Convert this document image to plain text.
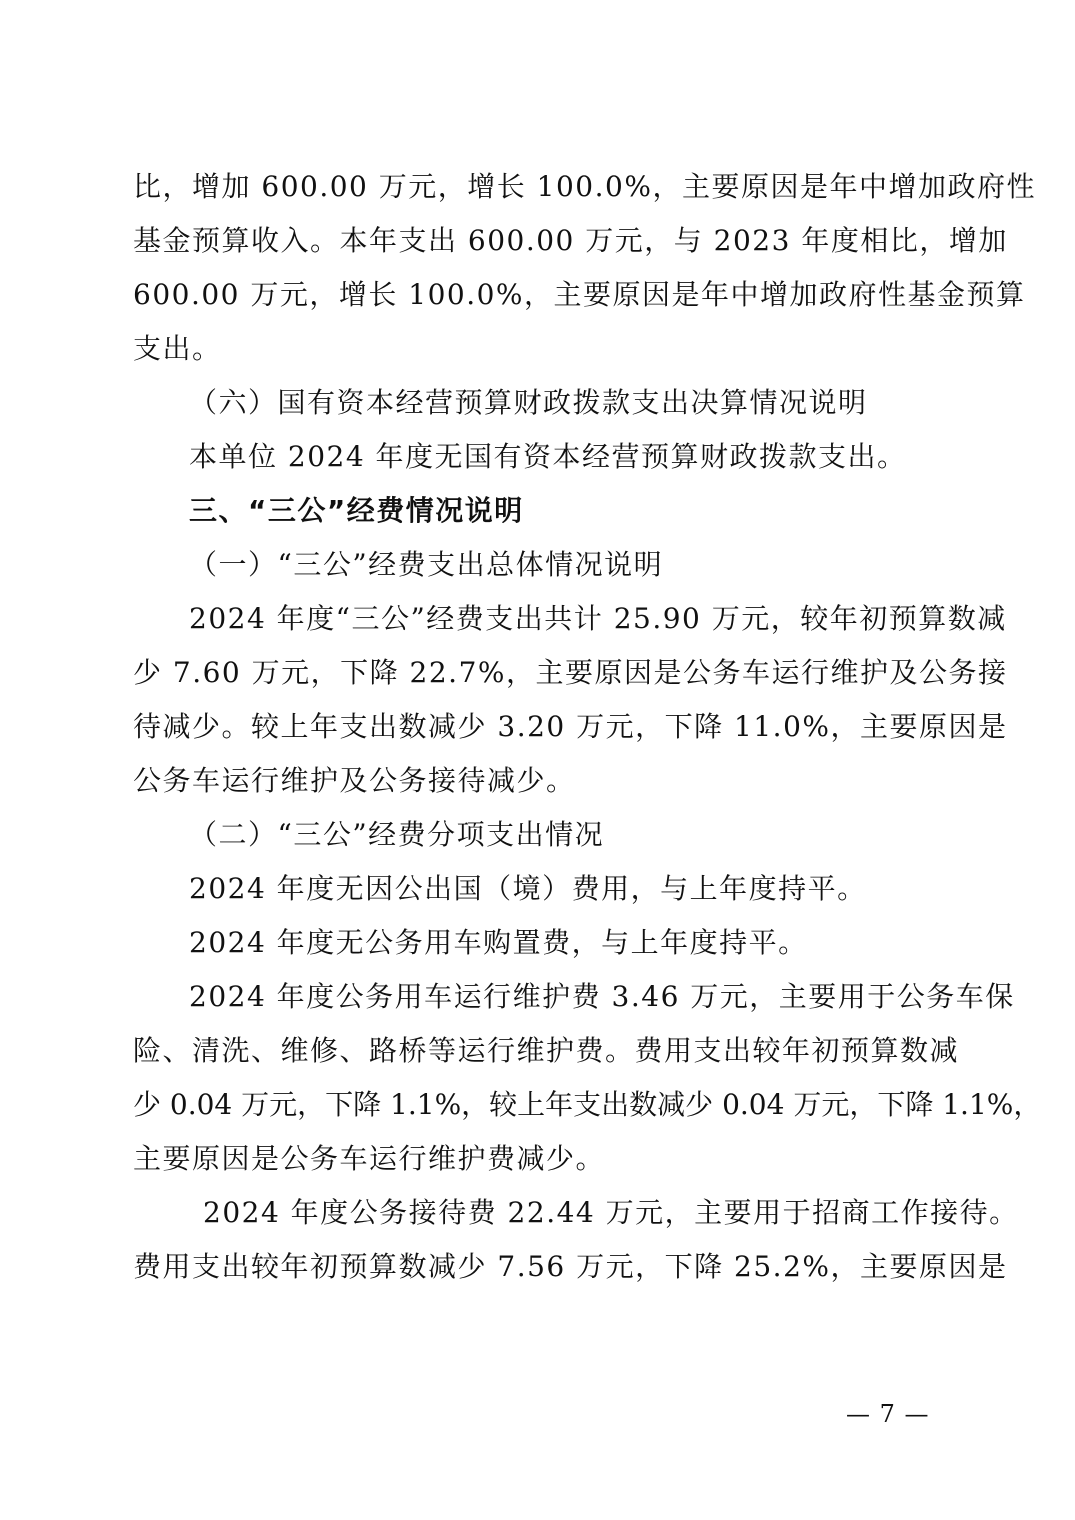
比，增加 600.00 万元，增长 100.0%，主要原因是年中增加政府性
基金预算收入。本年支出 600.00 万元，与 2023 年度相比，增加
600.00 万元，增长 100.0%，主要原因是年中增加政府性基金预算
支出。
（六）国有资本经营预算财政拨款支出决算情况说明
本单位 2024 年度无国有资本经营预算财政拨款支出。
三、“三公”经费情况说明
（一）“三公”经费支出总体情况说明
2024 年度“三公”经费支出共计 25.90 万元，较年初预算数减
少 7.60 万元，下降 22.7%，主要原因是公务车运行维护及公务接
待减少。较上年支出数减少 3.20 万元，下降 11.0%，主要原因是
公务车运行维护及公务接待减少。
（二）“三公”经费分项支出情况
2024 年度无因公出国（境）费用，与上年度持平。
2024 年度无公务用车购置费，与上年度持平。
2024 年度公务用车运行维护费 3.46 万元，主要用于公务车保
险、清洗、维修、路桥等运行维护费。费用支出较年初预算数减
少 0.04 万元，下降 1.1%，较上年支出数减少 0.04 万元，下降 1.1%，
主要原因是公务车运行维护费减少。
2024 年度公务接待费 22.44 万元，主要用于招商工作接待。
费用支出较年初预算数减少 7.56 万元，下降 25.2%，主要原因是
— 7 —
